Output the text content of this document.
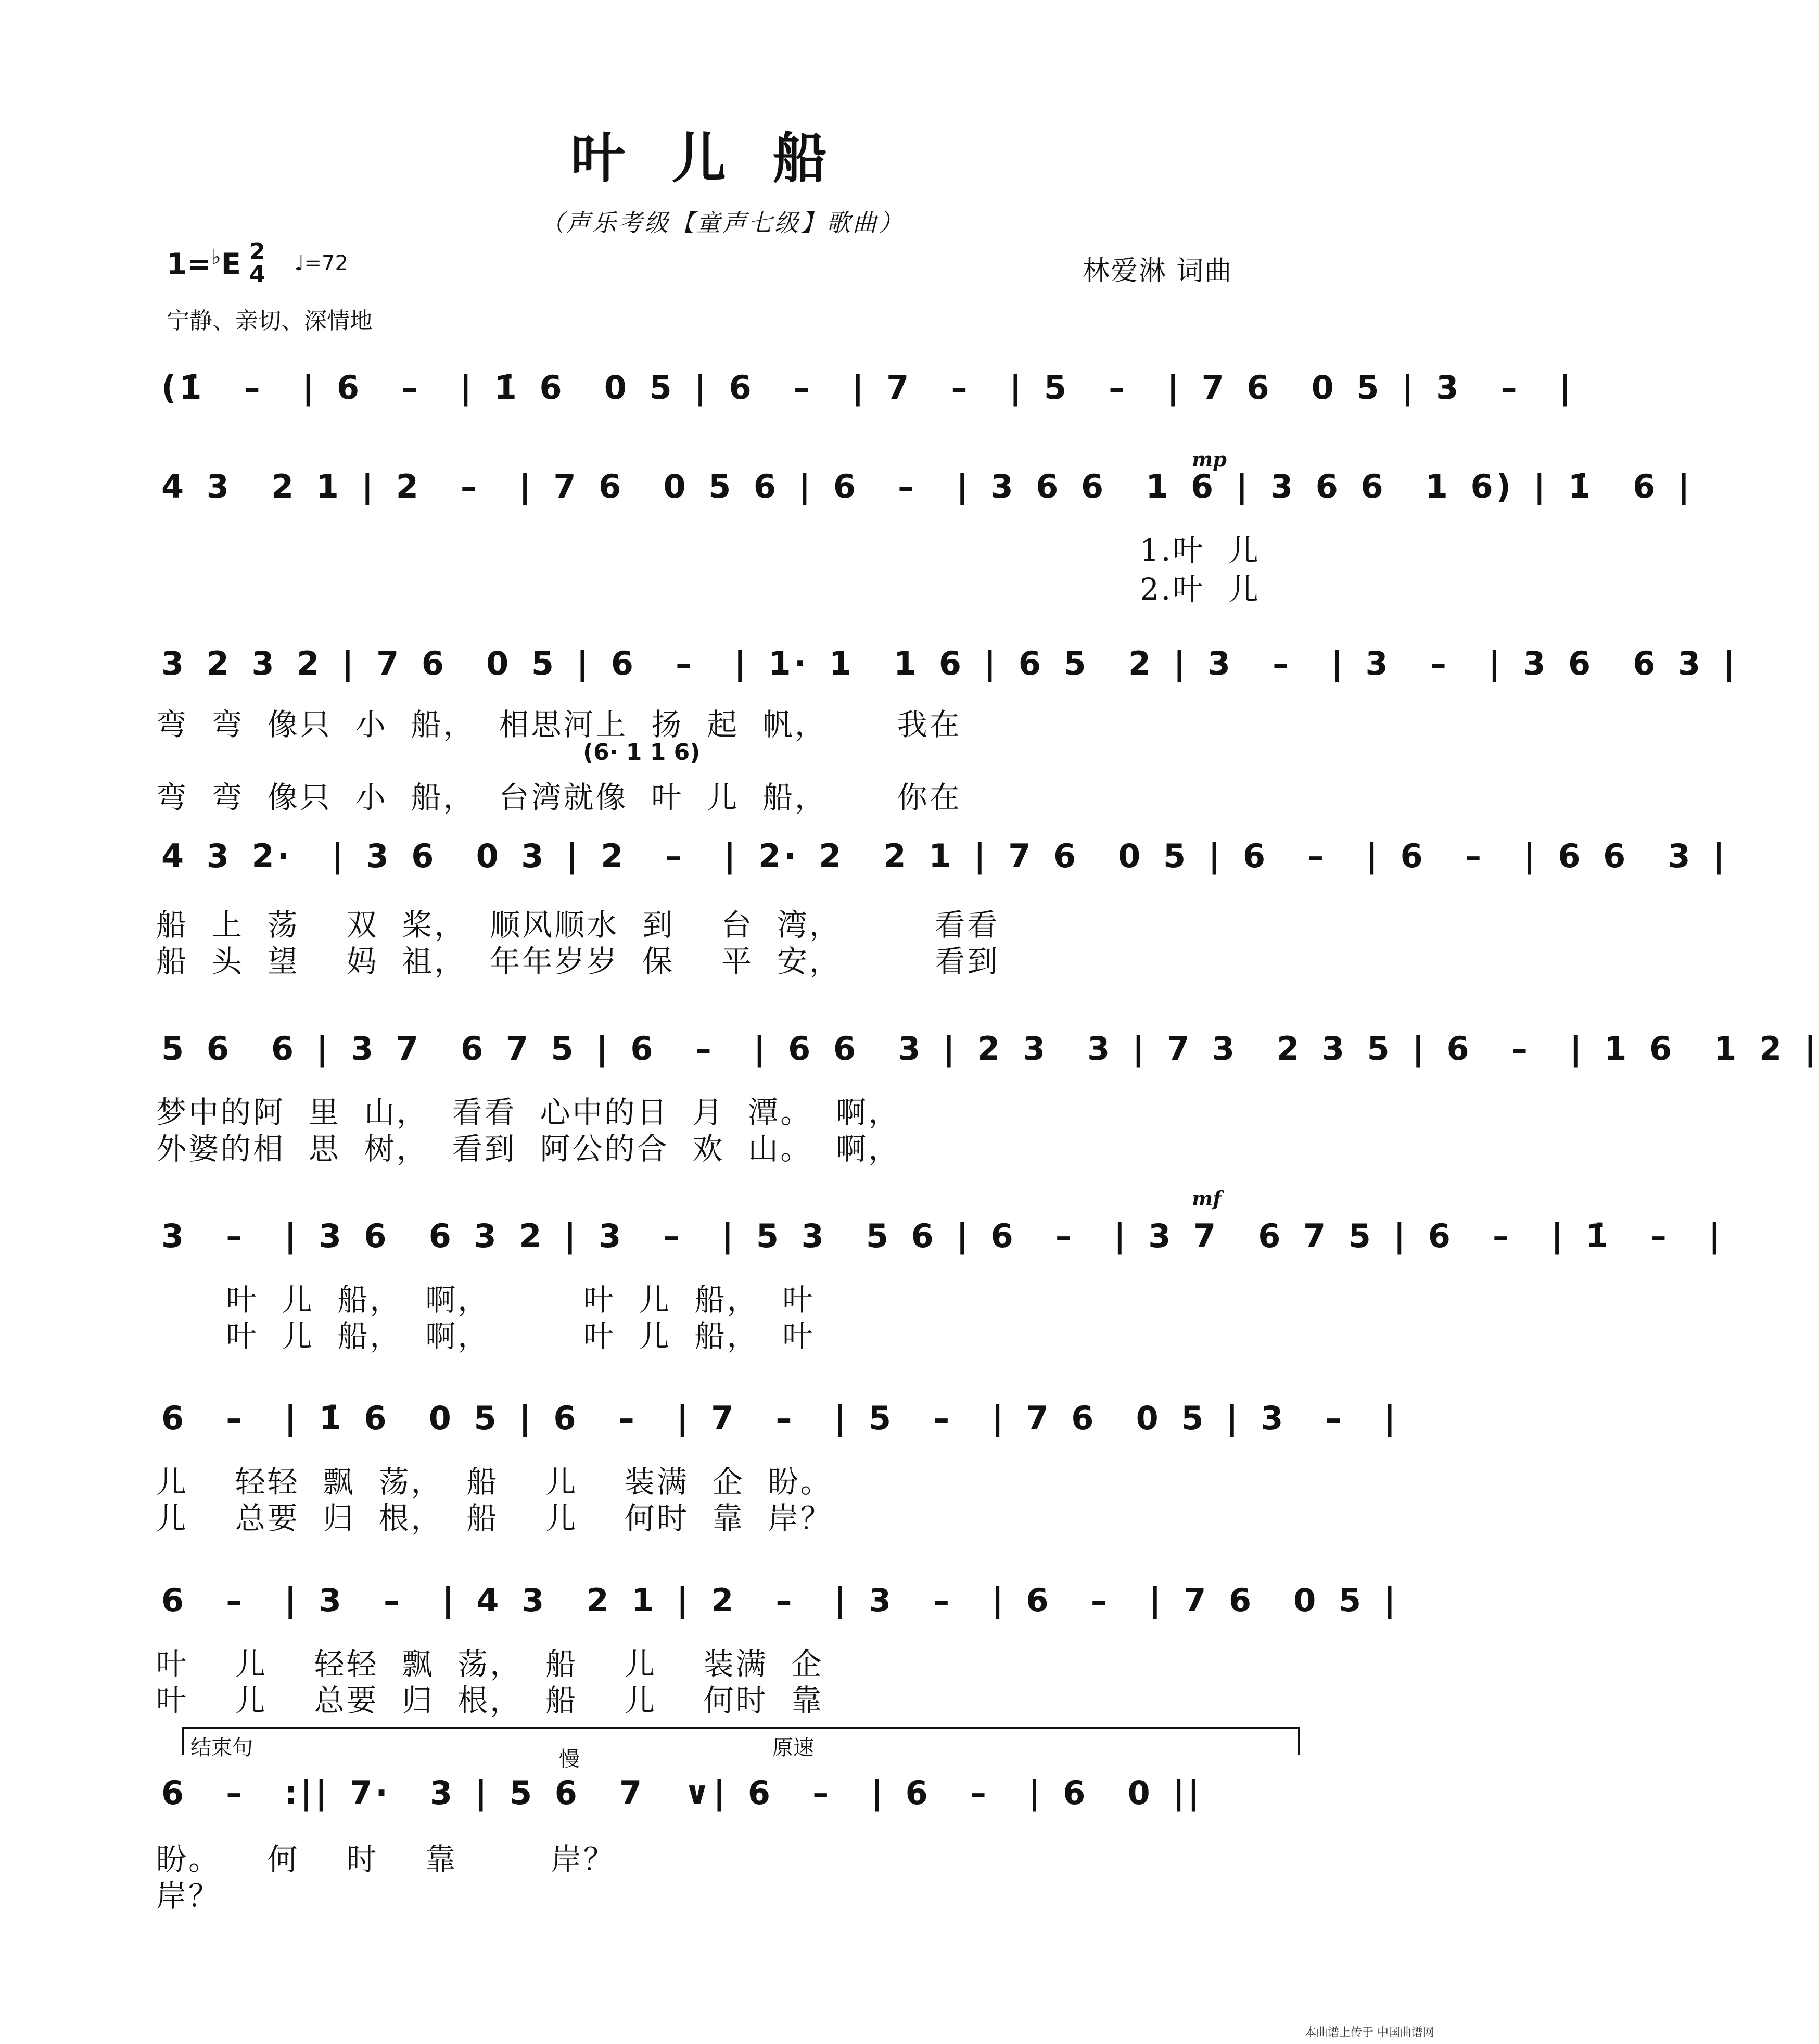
叶儿船
（声乐考级【童声七级】歌曲）
1=♭E 2
4 ♩=72	林爱淋 词曲
宁静、亲切、深情地
(1̇  –  | 6  –  | 1̇ 6  0 5 | 6  –  | 7  –  | 5  –  | 7 6  0 5 | 3  –  |
mp
4 3  2 1 | 2  –  | 7 6  0 5 6 | 6  –  | 3 6 6  1 6 | 3 6 6  1 6) | 1̇  6 |
1.叶  儿
2.叶  儿
3 2 3 2 | 7 6  0 5 | 6  –  | 1· 1  1 6 | 6 5  2 | 3  –  | 3  –  | 3 6  6 3 |
弯  弯  像只  小  船，  相思河上  扬  起  帆，      我在
(6· 1 1 6)
弯  弯  像只  小  船，  台湾就像  叶  儿  船，      你在
4 3 2·  | 3 6  0 3 | 2  –  | 2· 2  2 1 | 7 6  0 5 | 6  –  | 6  –  | 6 6  3 |
船  上  荡    双  桨，  顺风顺水  到    台  湾，        看看
船  头  望    妈  祖，  年年岁岁  保    平  安，        看到
5 6  6 | 3 7  6 7 5 | 6  –  | 6 6  3 | 2 3  3 | 7 3  2 3 5 | 6  –  | 1 6  1 2 |
梦中的阿  里  山，  看看  心中的日  月  潭。  啊，
外婆的相  思  树，  看到  阿公的合  欢  山。  啊，
mf
3  –  | 3 6  6 3 2 | 3  –  | 5 3  5 6 | 6  –  | 3 7  6 7 5 | 6  –  | 1̇  –  |
叶  儿  船，  啊，        叶  儿  船，  叶
叶  儿  船，  啊，        叶  儿  船，  叶
6  –  | 1̇ 6  0 5 | 6  –  | 7  –  | 5  –  | 7 6  0 5 | 3  –  |
儿    轻轻  飘  荡，  船    儿    装满  企  盼。
儿    总要  归  根，  船    儿    何时  靠  岸？
6  –  | 3  –  | 4 3  2 1 | 2  –  | 3  –  | 6  –  | 7 6  0 5 |
叶    儿    轻轻  飘  荡，  船    儿    装满  企
叶    儿    总要  归  根，  船    儿    何时  靠
结束句	慢	原速
6  –  :|| 7·  3 | 5 6  7  ∨| 6  –  | 6  –  | 6  0 ||
盼。    何    时    靠        岸？
岸？
本曲谱上传于 中国曲谱网
